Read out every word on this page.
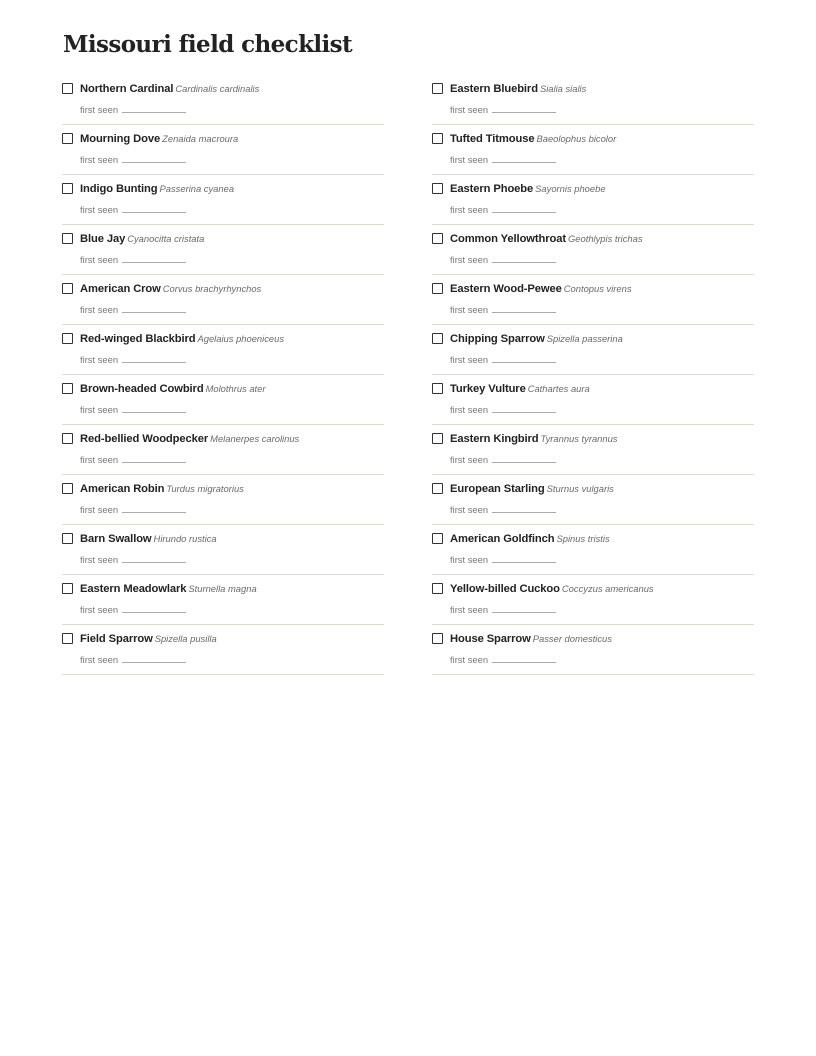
Missouri field checklist
Northern Cardinal Cardinalis cardinalis
first seen
Mourning Dove Zenaida macroura
first seen
Indigo Bunting Passerina cyanea
first seen
Blue Jay Cyanocitta cristata
first seen
American Crow Corvus brachyrhynchos
first seen
Red-winged Blackbird Agelaius phoeniceus
first seen
Brown-headed Cowbird Molothrus ater
first seen
Red-bellied Woodpecker Melanerpes carolinus
first seen
American Robin Turdus migratorius
first seen
Barn Swallow Hirundo rustica
first seen
Eastern Meadowlark Sturnella magna
first seen
Field Sparrow Spizella pusilla
first seen
Eastern Bluebird Sialia sialis
first seen
Tufted Titmouse Baeolophus bicolor
first seen
Eastern Phoebe Sayornis phoebe
first seen
Common Yellowthroat Geothlypis trichas
first seen
Eastern Wood-Pewee Contopus virens
first seen
Chipping Sparrow Spizella passerina
first seen
Turkey Vulture Cathartes aura
first seen
Eastern Kingbird Tyrannus tyrannus
first seen
European Starling Sturnus vulgaris
first seen
American Goldfinch Spinus tristis
first seen
Yellow-billed Cuckoo Coccyzus americanus
first seen
House Sparrow Passer domesticus
first seen
